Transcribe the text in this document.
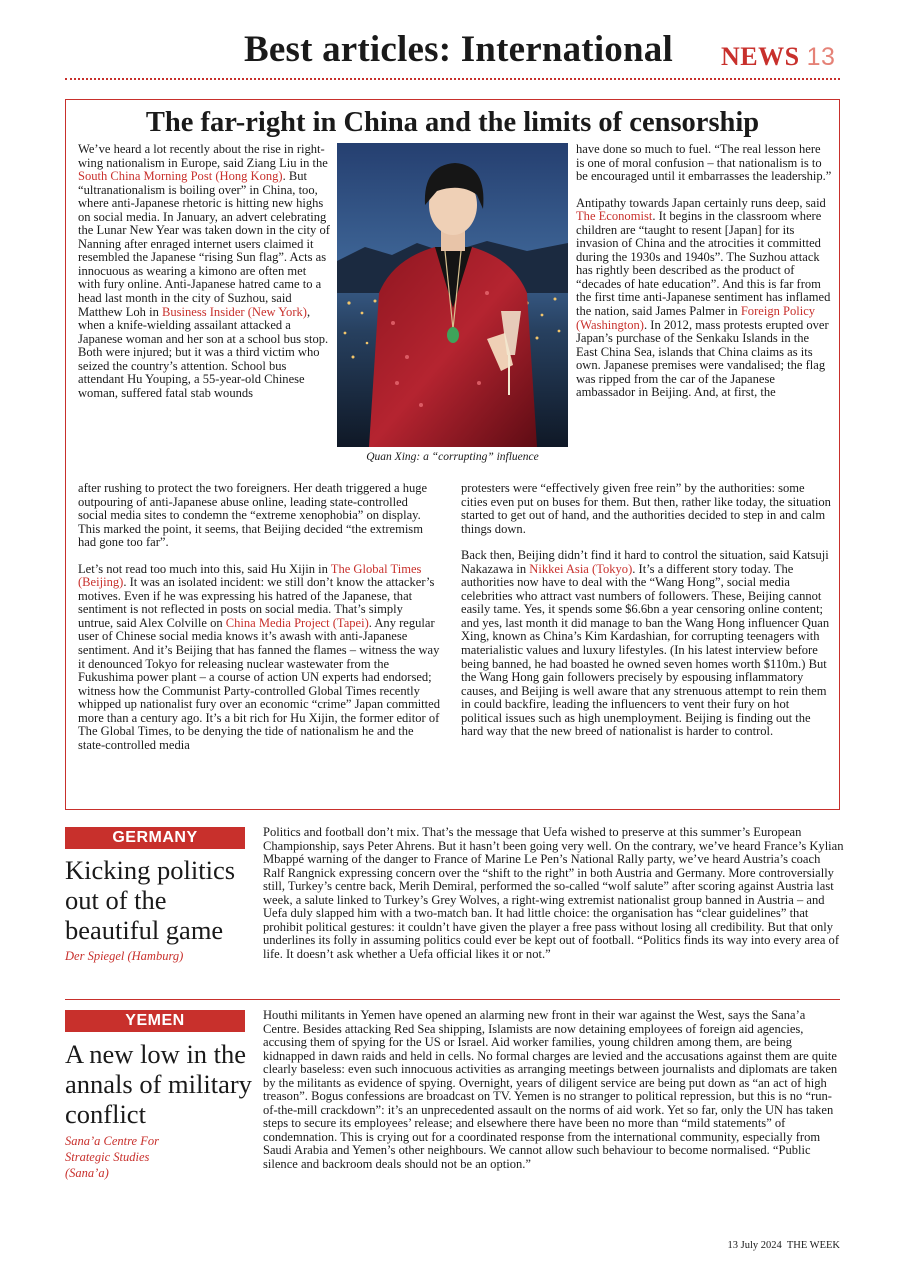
Best articles: International NEWS 13
The far-right in China and the limits of censorship

We’ve heard a lot recently about the rise in right-wing nationalism in Europe, said Ziang Liu in the South China Morning Post (Hong Kong). But “ultranationalism is boiling over” in China, too, where anti-Japanese rhetoric is hitting new highs on social media. In January, an advert celebrating the Lunar New Year was taken down in the city of Nanning after enraged internet users claimed it resembled the Japanese “rising Sun flag”. Acts as innocuous as wearing a kimono are often met with fury online. Anti-Japanese hatred came to a head last month in the city of Suzhou, said Matthew Loh in Business Insider (New York), when a knife-wielding assailant attacked a Japanese woman and her son at a school bus stop. Both were injured; but it was a third victim who seized the country’s attention. School bus attendant Hu Youping, a 55-year-old Chinese woman, suffered fatal stab wounds

Quan Xing: a “corrupting” influence

after rushing to protect the two foreigners. Her death triggered a huge outpouring of anti-Japanese abuse online, leading state-controlled social media sites to condemn the “extreme xenophobia” on display. This marked the point, it seems, that Beijing decided “the extremism had gone too far”.

Let’s not read too much into this, said Hu Xijin in The Global Times (Beijing). It was an isolated incident: we still don’t know the attacker’s motives. Even if he was expressing his hatred of the Japanese, that sentiment is not reflected in posts on social media. That’s simply untrue, said Alex Colville on China Media Project (Tapei). Any regular user of Chinese social media knows it’s awash with anti-Japanese sentiment. And it’s Beijing that has fanned the flames – witness the way it denounced Tokyo for releasing nuclear wastewater from the Fukushima power plant – a course of action UN experts had endorsed; witness how the Communist Party-controlled Global Times recently whipped up nationalist fury over an economic “crime” Japan committed more than a century ago. It’s a bit rich for Hu Xijin, the former editor of The Global Times, to be denying the tide of nationalism he and the state-controlled media

have done so much to fuel. “The real lesson here is one of moral confusion – that nationalism is to be encouraged until it embarrasses the leadership.”

Antipathy towards Japan certainly runs deep, said The Economist. It begins in the classroom where children are “taught to resent [Japan] for its invasion of China and the atrocities it committed during the 1930s and 1940s”. The Suzhou attack has rightly been described as the product of “decades of hate education”. And this is far from the first time anti-Japanese sentiment has inflamed the nation, said James Palmer in Foreign Policy (Washington). In 2012, mass protests erupted over Japan’s purchase of the Senkaku Islands in the East China Sea, islands that China claims as its own. Japanese premises were vandalised; the flag was ripped from the car of the Japanese ambassador in Beijing. And, at first, the

protesters were “effectively given free rein” by the authorities: some cities even put on buses for them. But then, rather like today, the situation started to get out of hand, and the authorities decided to step in and calm things down.

Back then, Beijing didn’t find it hard to control the situation, said Katsuji Nakazawa in Nikkei Asia (Tokyo). It’s a different story today. The authorities now have to deal with the “Wang Hong”, social media celebrities who attract vast numbers of followers. These, Beijing cannot easily tame. Yes, it spends some $6.6bn a year censoring online content; and yes, last month it did manage to ban the Wang Hong influencer Quan Xing, known as China’s Kim Kardashian, for corrupting teenagers with materialistic values and luxury lifestyles. (In his latest interview before being banned, he had boasted he owned seven homes worth $110m.) But the Wang Hong gain followers precisely by espousing inflammatory causes, and Beijing is well aware that any strenuous attempt to rein them in could backfire, leading the influencers to vent their fury on hot political issues such as high unemployment. Beijing is finding out the hard way that the new breed of nationalist is harder to control.

GERMANY
Kicking politics out of the beautiful game
Der Spiegel (Hamburg)
Politics and football don’t mix. That’s the message that Uefa wished to preserve at this summer’s European Championship, says Peter Ahrens. But it hasn’t been going very well. On the contrary, we’ve heard France’s Kylian Mbappé warning of the danger to France of Marine Le Pen’s National Rally party, we’ve heard Austria’s coach Ralf Rangnick expressing concern over the “shift to the right” in both Austria and Germany. More controversially still, Turkey’s centre back, Merih Demiral, performed the so-called “wolf salute” after scoring against Austria last week, a salute linked to Turkey’s Grey Wolves, a right-wing extremist nationalist group banned in Austria – and Uefa duly slapped him with a two-match ban. It had little choice: the organisation has “clear guidelines” that prohibit political gestures: it couldn’t have given the player a free pass without losing all credibility. But that only underlines its folly in assuming politics could ever be kept out of football. “Politics finds its way into every area of life. It doesn’t ask whether a Uefa official likes it or not.”
YEMEN
A new low in the annals of military conflict
Sana’a Centre For Strategic Studies (Sana’a)
Houthi militants in Yemen have opened an alarming new front in their war against the West, says the Sana’a Centre. Besides attacking Red Sea shipping, Islamists are now detaining employees of foreign aid agencies, accusing them of spying for the US or Israel. Aid worker families, young children among them, are being kidnapped in dawn raids and held in cells. No formal charges are levied and the accusations against them are quite clearly baseless: even such innocuous activities as arranging meetings between journalists and diplomats are taken by the militants as evidence of spying. Overnight, years of diligent service are being put down as “an act of high treason”. Bogus confessions are broadcast on TV. Yemen is no stranger to political repression, but this is no “run-of-the-mill crackdown”: it’s an unprecedented assault on the norms of aid work. Yet so far, only the UN has taken steps to secure its employees’ release; and elsewhere there have been no more than “mild statements” of condemnation. This is crying out for a coordinated response from the international community, especially from Saudi Arabia and Yemen’s other neighbours. We cannot allow such behaviour to become normalised. “Public silence and backroom deals should not be an option.”
13 July 2024 THE WEEK
